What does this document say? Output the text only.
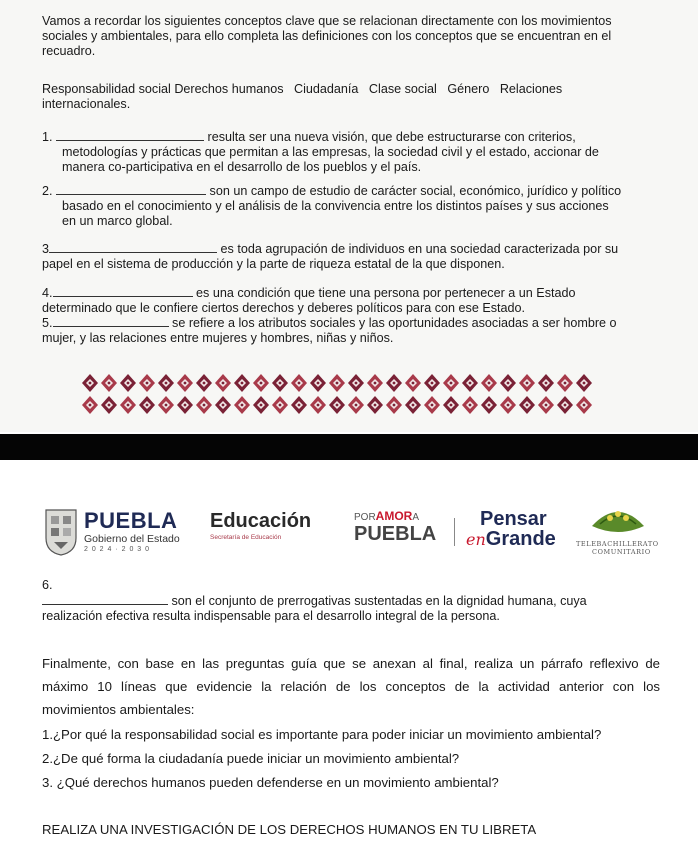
Vamos a recordar los siguientes conceptos clave que se relacionan directamente con los movimientos
sociales y ambientales, para ello completa las definiciones con los conceptos que se encuentran en el
recuadro.
Responsabilidad social Derechos humanos   Ciudadanía   Clase social   Género   Relaciones
internacionales.
1.	resulta ser una nueva visión, que debe estructurarse con criterios,
metodologías y prácticas que permitan a las empresas, la sociedad civil y el estado, accionar de
manera co-participativa en el desarrollo de los pueblos y el país.
2.	son un campo de estudio de carácter social, económico, jurídico y político
basado en el conocimiento y el análisis de la convivencia entre los distintos países y sus acciones
en un marco global.
3	es toda agrupación de individuos en una sociedad caracterizada por su
papel en el sistema de producción y la parte de riqueza estatal de la que disponen.
4.	es una condición que tiene una persona por pertenecer a un Estado
determinado que le confiere ciertos derechos y deberes políticos para con ese Estado.
5.	se refiere a los atributos sociales y las oportunidades asociadas a ser hombre o
mujer, y las relaciones entre mujeres y hombres, niñas y niños.
PUEBLA
Gobierno del Estado
2 0 2 4 · 2 0 3 0
Educación
Secretaría de Educación
PORAMORA
PUEBLA
Pensar
enGrande	TELEBACHILLERATO
COMUNITARIO
6.
son el conjunto de prerrogativas sustentadas en la dignidad humana, cuya
realización efectiva resulta indispensable para el desarrollo integral de la persona.
Finalmente, con base en las preguntas guía que se anexan al final, realiza un párrafo reflexivo de
máximo 10 líneas que evidencie la relación de los conceptos de la actividad anterior con los
movimientos ambientales:
1.¿Por qué la responsabilidad social es importante para poder iniciar un movimiento ambiental?
2.¿De qué forma la ciudadanía puede iniciar un movimiento ambiental?
3. ¿Qué derechos humanos pueden defenderse en un movimiento ambiental?
REALIZA UNA INVESTIGACIÓN DE LOS DERECHOS HUMANOS EN TU LIBRETA
